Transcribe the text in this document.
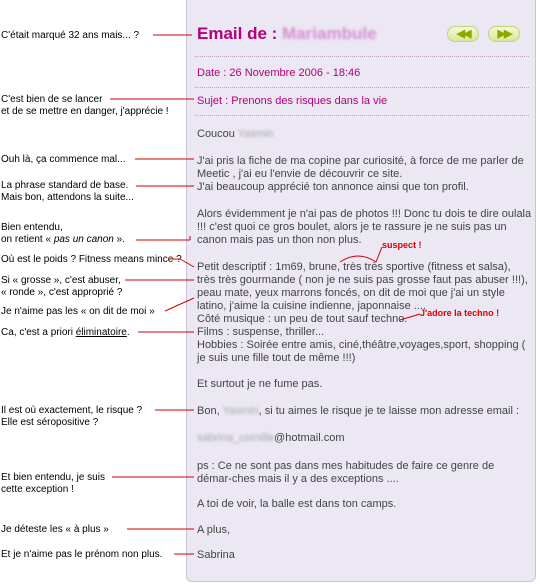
Email de : Mariambule	◀◀	▶▶
Date : 26 Novembre 2006 - 18:46
Sujet : Prenons des risques dans la vie
Coucou Yasmin
J'ai pris la fiche de ma copine par curiosité, à force de me parler de Meetic , j'ai eu l'envie de découvrir ce site.
J'ai beaucoup apprécié ton annonce ainsi que ton profil.
Alors évidemment je n'ai pas de photos !!! Donc tu dois te dire oulala !!! c'est quoi ce gros boulet, alors je te rassure je ne suis pas un canon mais pas un thon non plus.
Petit descriptif : 1m69, brune, très très sportive (fitness et salsa), très très gourmande ( non je ne suis pas grosse faut pas abuser !!!), peau mate, yeux marrons foncés, on dit de moi que j'ai un style latino, j'aime la cuisine indienne, japonnaise ....
Côté musique : un peu de tout sauf techno.
Films : suspense, thriller...
Hobbies : Soirée entre amis, ciné,théâtre,voyages,sport, shopping ( je suis une fille tout de même !!!)
Et surtout je ne fume pas.
Bon, Yasmin, si tu aimes le risque je te laisse mon adresse email :
sabrina_cornille@hotmail.com
ps : Ce ne sont pas dans mes habitudes de faire ce genre de démar-ches mais il y a des exceptions ....
A toi de voir, la balle est dans ton camps.
A plus,
Sabrina
suspect !
J'adore la techno !
C'était marqué 32 ans mais... ?
C'est bien de se lancer
et de se mettre en danger, j'apprécie !
Ouh là, ça commence mal...
La phrase standard de base.
Mais bon, attendons la suite...
Bien entendu,
on retient « pas un canon ».
Où est le poids ? Fitness means mince ?
Si « grosse », c'est abuser,
« ronde », c'est approprié ?
Je n'aime pas les « on dit de moi »
Ca, c'est a priori éliminatoire.
Il est où exactement, le risque ?
Elle est séropositive ?
Et bien entendu, je suis
cette exception !
Je déteste les « à plus »
Et je n'aime pas le prénom non plus.
